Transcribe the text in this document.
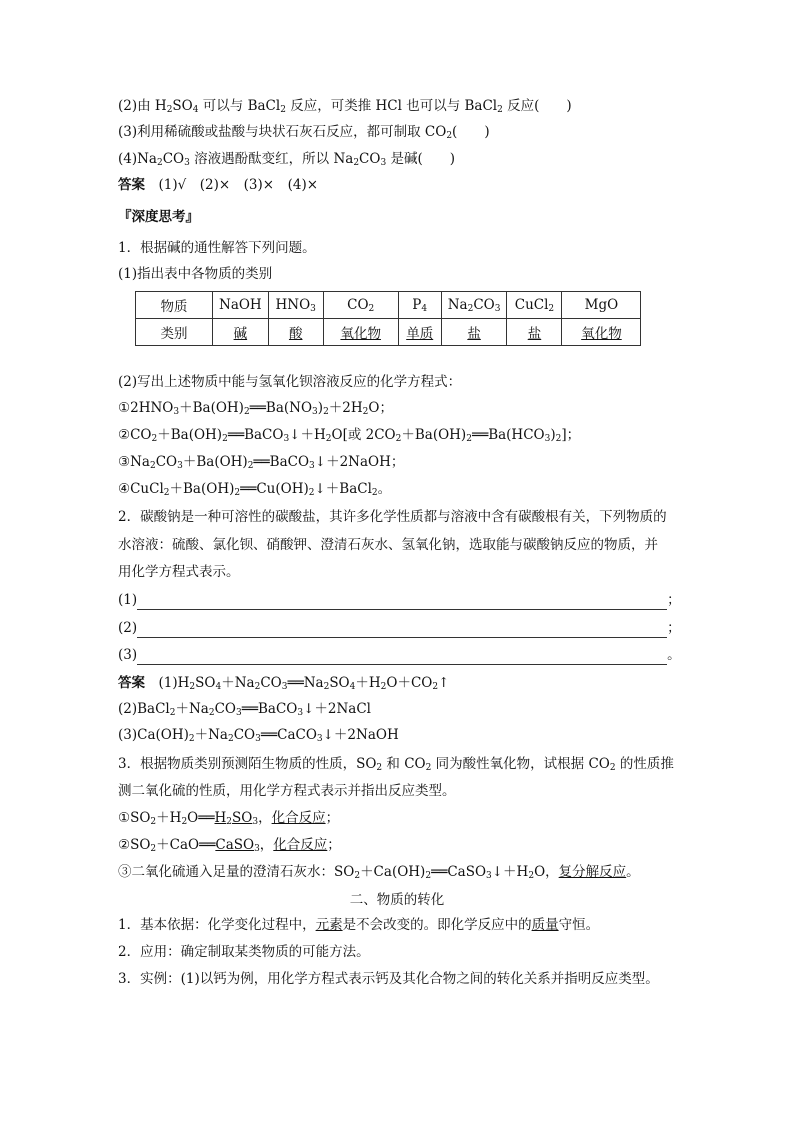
(2)由 $H_2SO_4$ 可以与 BaCl$_2$ 反应，可类推 HCl 也可以与 BaCl$_2$ 反应(　　)
(3)利用稀硫酸或盐酸与块状石灰石反应，都可制取 $CO_2$(　　)
$(4)Na_2CO_3$ 溶液遇酚酞变红，所以 $Na_2CO_3$ 是碱(　　)
答案　 (1)√　(2)×　(3)×　(4)×
『深度思考』
1．根据碱的通性解答下列问题。
(1)指出表中各物质的类别
物质	NaOH	$HNO_3$	$CO_2$	$P_4$	$Na_2CO_3$	CuCl$_2$	MgO
类别	碱	酸	氧化物	单质	盐	盐	氧化物
(2)写出上述物质中能与氢氧化钡溶液反应的化学方程式：
$①2HNO_3+Ba(OH)_2══Ba(NO_3)_2+2H_2O$；
$②CO_2+Ba(OH)_2══BaCO_3↓+H_2O$[或 $2CO_2+Ba(OH)_2══Ba(HCO_3)_2$]；
$③Na_2CO_3+Ba(OH)_2══BaCO_3↓+2NaOH$；
$④CuCl_2+Ba(OH)_2══Cu(OH)_2↓+BaCl_2$。
2．碳酸钠是一种可溶性的碳酸盐，其许多化学性质都与溶液中含有碳酸根有关，下列物质的
水溶液：硫酸、氯化钡、硝酸钾、澄清石灰水、氢氧化钠，选取能与碳酸钠反应的物质，并
用化学方程式表示。
(1)	；
(2)	；
(3)	。
答案　$(1)H_2SO_4+Na_2CO_3══Na_2SO_4+H_2O+CO_2↑$
$(2)BaCl_2+Na_2CO_3══BaCO_3↓+2NaCl$
$(3)Ca(OH)_2+Na_2CO_3══CaCO_3↓+2NaOH$
3．根据物质类别预测陌生物质的性质，$SO_2$ 和 $CO_2$ 同为酸性氧化物，试根据 $CO_2$ 的性质推
测二氧化硫的性质，用化学方程式表示并指出反应类型。
$①SO_2+H_2O══H_2SO_3$，化合反应；
$②SO_2+CaO══CaSO_3$，化合反应；
③二氧化硫通入足量的澄清石灰水：$SO_2+Ca(OH)_2══CaSO_3↓+H_2O$，复分解反应。
二、物质的转化
1．基本依据：化学变化过程中，元素是不会改变的。即化学反应中的质量守恒。
2．应用：确定制取某类物质的可能方法。
3．实例：(1)以钙为例，用化学方程式表示钙及其化合物之间的转化关系并指明反应类型。
